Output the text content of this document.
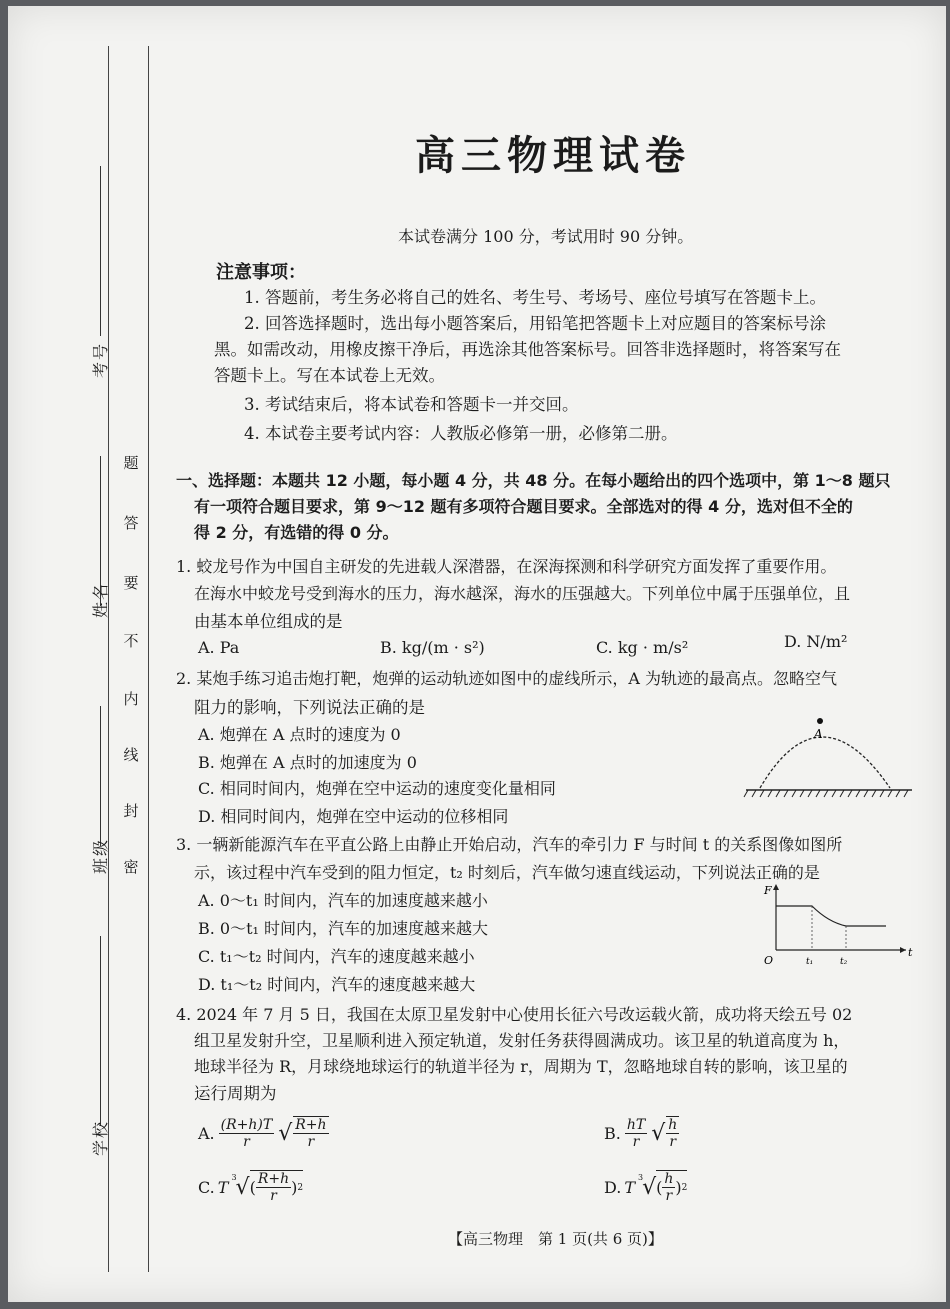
考号
姓名
班级
学校
题
答
要
不
内
线
封
密
高三物理试卷
本试卷满分 100 分，考试用时 90 分钟。
注意事项：
1. 答题前，考生务必将自己的姓名、考生号、考场号、座位号填写在答题卡上。
2. 回答选择题时，选出每小题答案后，用铅笔把答题卡上对应题目的答案标号涂
黑。如需改动，用橡皮擦干净后，再选涂其他答案标号。回答非选择题时，将答案写在
答题卡上。写在本试卷上无效。
3. 考试结束后，将本试卷和答题卡一并交回。
4. 本试卷主要考试内容：人教版必修第一册，必修第二册。
一、选择题：本题共 12 小题，每小题 4 分，共 48 分。在每小题给出的四个选项中，第 1～8 题只
有一项符合题目要求，第 9～12 题有多项符合题目要求。全部选对的得 4 分，选对但不全的
得 2 分，有选错的得 0 分。
1. 蛟龙号作为中国自主研发的先进载人深潜器，在深海探测和科学研究方面发挥了重要作用。
在海水中蛟龙号受到海水的压力，海水越深，海水的压强越大。下列单位中属于压强单位，且
由基本单位组成的是
A. Pa	B. kg/(m · s²)	C. kg · m/s²	D. N/m²
2. 某炮手练习追击炮打靶，炮弹的运动轨迹如图中的虚线所示，A 为轨迹的最高点。忽略空气
阻力的影响，下列说法正确的是
A. 炮弹在 A 点时的速度为 0
B. 炮弹在 A 点时的加速度为 0
C. 相同时间内，炮弹在空中运动的速度变化量相同
D. 相同时间内，炮弹在空中运动的位移相同
A
3. 一辆新能源汽车在平直公路上由静止开始启动，汽车的牵引力 F 与时间 t 的关系图像如图所
示，该过程中汽车受到的阻力恒定，t₂ 时刻后，汽车做匀速直线运动，下列说法正确的是
A. 0～t₁ 时间内，汽车的加速度越来越小
B. 0～t₁ 时间内，汽车的加速度越来越大
C. t₁～t₂ 时间内，汽车的速度越来越小
D. t₁～t₂ 时间内，汽车的速度越来越大
F
t
O	t₁	t₂
4. 2024 年 7 月 5 日，我国在太原卫星发射中心使用长征六号改运载火箭，成功将天绘五号 02
组卫星发射升空，卫星顺利进入预定轨道，发射任务获得圆满成功。该卫星的轨道高度为 h，
地球半径为 R，月球绕地球运行的轨道半径为 r，周期为 T，忽略地球自转的影响，该卫星的
运行周期为
A. $\frac{(R+h)T}{r}$ √ $\frac{R+h}{r}$	B. $\frac{hT}{r}$ √ $\frac{h}{r}$
C. T
3 √ ( $\frac{R+h}{r}$ ) 2	D. T
3 √ ( $\frac{h}{r}$ ) 2
【高三物理　第 1 页(共 6 页)】
